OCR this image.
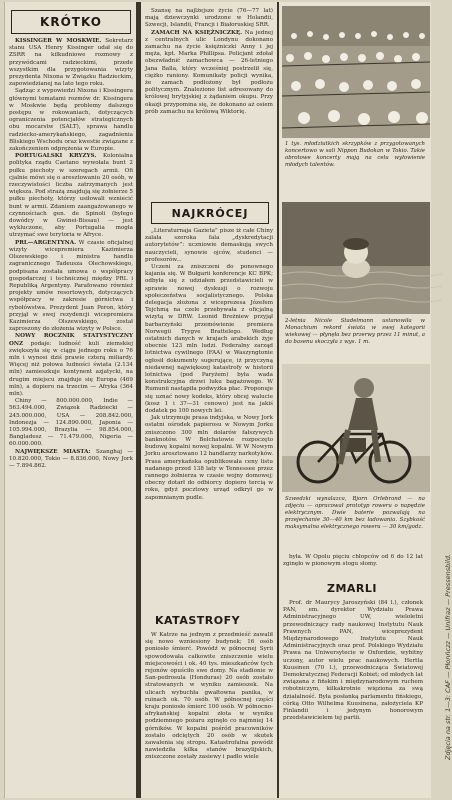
KRÓTKO

KISSINGER W MOSKWIE. Sekretarz stanu USA Henry Kissinger udał się do ZSRR na kilkudniowe rozmowy z przywódcami radzieckimi, przede wszystkim dla przygotowania wizyty prezydenta Nixona w Związku Radzieckim, zapowiedzianej na lato tego roku.

Sądząc z wypowiedzi Nixona i Kissingera głównymi tematami rozmów dr. Kissingera w Moskwie będą problemy dalszego postępu w rokowaniach, dotyczących ograniczenia potencjałów strategicznych obu mocarstw (SALT), sprawa handlu radziecko-amerykańskiego, zagadnienia Bliskiego Wschodu oraz kwestie związane z zakończeniem odprężenia w Europie.

PORTUGALSKI KRYZYS. Kolonialna polityka rządu Caetano wywołała bunt 2 pułku piechoty w szeregach armii. Ofi cjalnie mówi się o aresztowaniu 20 osób, w rzeczywistości liczba zatrzymanych jest większa. Pod strażą znajdują się żołnierze 5 pułku piechoty, którzy usiłowali wzniecić bunt w armii. Zdaniem zaangażowanego w czynnościach gen. de Spinoli (byłego dowódcy w Gwinei-Bissau) — jest wykluczone, aby Portugalia mogła utrzymać swe terytoria w Afryce.

PRL—ARGENTYNA. W czasie oficjalnej wizyty wicepremiera Kazimierza Olszewskiego i ministra handlu zagranicznego Tadeusza Olechowskiego, podpisana została umowa o współpracy gospodarczej i technicznej między PRL i Republiką Argentyny. Parafowano również projekty umów resortowych, dotyczących współpracy w zakresie górnictwa i rybołówstwa. Prezydent Juan Peron, który przyjął w swej rezydencji wicepremiera Kazimierza Olszewskiego, został zaproszony do złożenia wizyty w Polsce.

NOWY ROCZNIK STATYSTYCZNY ONZ podaje: ludność kuli ziemskiej zwiększyła się w ciągu jednego roku o 76 mln i wynosi dziś prawie czterą miliardy. Więcej niż połowa ludności świata (2.134 mln) zamieszkuje kontynent azjatycki, na drugim miejscu znajduje się Europa (469 mln), a dopiero na trzecim — Afryka (364 mln).

Chiny — 800.000.000, Indie — 563.494.000, Związek Radziecki — 245.000.000, USA — 208.842.000, Indonezja — 124.890.000, Japonia — 105.994.000, Brazylia — 98.854.000, Bangladesz — 71.479.000, Nigeria — 60.000.000.

NAJWIĘKSZE MIASTA: Szanghaj — 10.820.000, Tokio — 8.836.000, Nowy Jork — 7.894.862.

Szansę na najlżejsze życie (76—77 lat) mają dziewczynki urodzone w Holandii, Szwecji, Islandii, Francji i Białoruskiej SRR.

ZAMACH NA KSIĘŻNICZKĘ. Na jednej z centralnych ulic Londynu dokonano zamachu na życie księżniczki Anny i jej męża, kpt. Marka Phillipsa. Policjant zdołał obezwładnić zamachowca — 26-letniego Jana Balla, który wcześniej postrzelił się, ciężko raniony. Komunikaty policji wynika, że zamach podłożony był podłożu politycznym. Znaleziono list adresowany do królowej brytyjskiej z żądaniem okupu. Przy okazji przypomina się, że dokonano aż osiem prób zamachu na królową Wiktorię.

NAJKRÓCEJ

„Literaturnaja Gazieta” pisze iż całe Chiny zalała szeroka fala „dyskredytacji autorytetów”: uczniowie demaskują swych nauczycieli, synowie ojców, studenci — profesorów...

Uczeni za zniszczeni do ponownego kajania się. W Bułgarii konferencje KC BPK; odbyła się z udziałem przedstawicieli w sprawie nowej dyskusji o rozwoju społeczeństwa socjalistycznego. Polska delegacja złożona z wiceprezesa Józefem Tejchmą na czele przebywała z oficjalną wizytą w DRW. Leonid Breżniew przyjął barbarzyński przemówienie premiera Norwegii Trygve Brattelego. Według ostatnich danych w krajach arabskich żyje obecnie 123 mln ludzi. Federalny zarząd lotnictwa cywilnego (FAA) w Waszyngtonie ogłosił dokumenty sugerujące, iż przyczyną niedawnej największej katastrofy w historii lotnictwa (pod Paryżem) była wada konstrukcyjna drzwi luku bagażowego. W Rumunii nastąpiła podwyżka płac. Proponuje się uznać nowy kodeks, który obcej walucie (kosz 1 i 37—31 cenowo) jest na jakiś dodatek po 100 nowych lei.

Jak utrzymuje prasa indyjska, w Nowy Jork ostatni ośrodek papierosu w Nowym Jorku zniszczono 300 mln dolarów fałszywych banknotów. W Bełchatowie rozpoczęto budowę kopalni nowej kopalni. W W Nowym Jorku aresztowano 12 handlarzy narkotyków. Prasa amerykańska opublikowała ceny listu nadanego przed 138 laty w Tennessee przez rannego żołnierza w czasie wojny domowej; obecny dotarł do odbiorcy dopiero tercią w roku, gdyż pocztowy urząd odkrył go w zapomnianym pudle.

KATASTROFY

W Katrze na jednym z przedmieść zawalił się nowo wzniesiony budynek; 16 osób poniosło śmierć. Powódź w północnej Syrii spowodowała całkowite zniszczenie wielu miejscowości i ok. 40 tys. mieszkańców tych rejonów opuściło swe domy. Na stadionie w San-pedrosula (Honduras) 20 osób zostało stratowanych w wyniku zamieszek. Na ulicach wybuchła gwałtowna panika, w ruinach ok. 70 osób. W północnej części kraju poniosło śmierć 100 osób. W północno-afrykańskiej kopalni złota w wyniku podziemnego pożaru zginęło co najmniej 14 górników. W kopalni pośród pracowników zostało odciętych 20 osób w skutek zawalenia się stropu. Katastrofalna powódź nawiedziła kilka stanów brazylijskich, zniszczone zostały zasiewy i padło wiele

1 tys. młodziutkich skrzypków z przygotowanych koncertowo w sali Nippon Budokan w Tokio. Takie obrotowe koncerty mają na celu wyłowienie młodych talentów.
2-letnia Nicole Stadelmann ustanowiła w Monachium rekord świata w swej kategorii wiekowej — płynęła bez przerwy przez 11 minut, a do basenu skoczyła z wys. 1 m.
Szwedzki wynalazca, Bjorn Orlebrand — na zdjęciu — opracował prototyp roweru o napędzie elektrycznym. Dwie baterie pozwalają na przejechanie 30—40 km bez ładowania. Szybkość maksymalna elektrycznego roweru — 30 km/godz.

była. W Opolu pięciu chłopców od 6 do 12 lat zginęło w pionowym stogu słomy.

ZMARLI

Prof. dr Maurycy Jaroszyński (84 l.), członek PAN, em. dyrektor Wydziału Prawa Administracyjnego UW, wieloletni przewodniczący rady naukowej Instytutu Nauk Prawnych PAN, wiceprezydent Międzynarodowego Instytutu Nauk Administracyjnych oraz prof. Polskiego Wydziału Prawa na Uniwersytecie w Oxfordzie, wybitny uczony, autor wielu prac naukowych. Hertta Kuusinen (70 l.), przewodnicząca Światowej Demokratycznej Federacji Kobiet; od młodych lat związana z fińskim i międzynarodowym ruchem robotniczym, kilkakrotnie więziona za swą działalność. Była posłanką parlamentu fińskiego, córką Otto Wilhelma Kuusinena, założyciela KP Finlandii i jedynym honorowym przedstawicielem tej partii.	Zdjęcia na str. 1—3: CAF — Płonńczz — Unifraz — Pressensbild.
